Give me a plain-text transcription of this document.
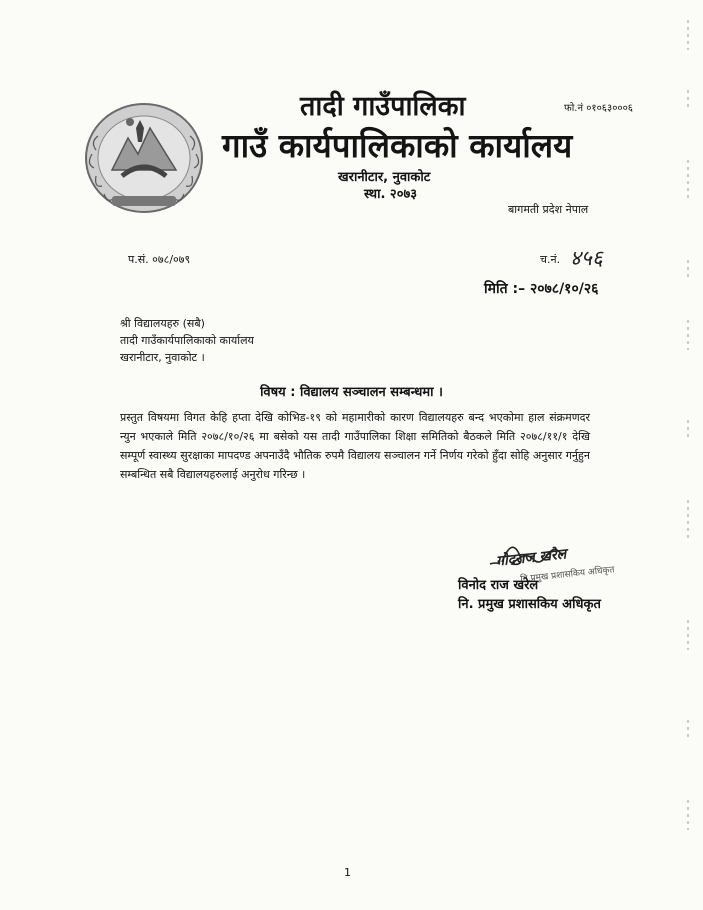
तादी गाउँपालिका
गाउँ कार्यपालिकाको कार्यालय
खरानीटार, नुवाकोट
स्था. २०७३
फो.नं ०१०६३०००६
बागमती प्रदेश नेपाल
प.सं. ०७८/०७९	च.नं. ४५६
मिति :– २०७८/१०/२६
श्री विद्यालयहरु (सबै)
तादी गाउँकार्यपालिकाको कार्यालय
खरानीटार, नुवाकोट ।
विषय : विद्यालय सञ्चालन सम्बन्धमा ।
प्रस्तुत विषयमा विगत केहि हप्ता देखि कोभिड-१९ को महामारीको कारण विद्यालयहरु बन्द भएकोमा हाल संक्रमणदर न्युन भएकाले मिति २०७८/१०/२६ मा बसेको यस तादी गाउँपालिका शिक्षा समितिको बैठकले मिति २०७८/११/१ देखि सम्पूर्ण स्वास्थ्य सुरक्षाका मापदण्ड अपनाउँदै भौतिक रुपमै विद्यालय सञ्चालन गर्ने निर्णय गरेको हुँदा सोहि अनुसार गर्नुहुन सम्बन्धित सबै विद्यालयहरुलाई अनुरोध गरिन्छ ।
गोदराज खरेल
नि.प्रमुख प्रशासकिय अधिकृत
विनोद राज खरेल
नि. प्रमुख प्रशासकिय अधिकृत
1
